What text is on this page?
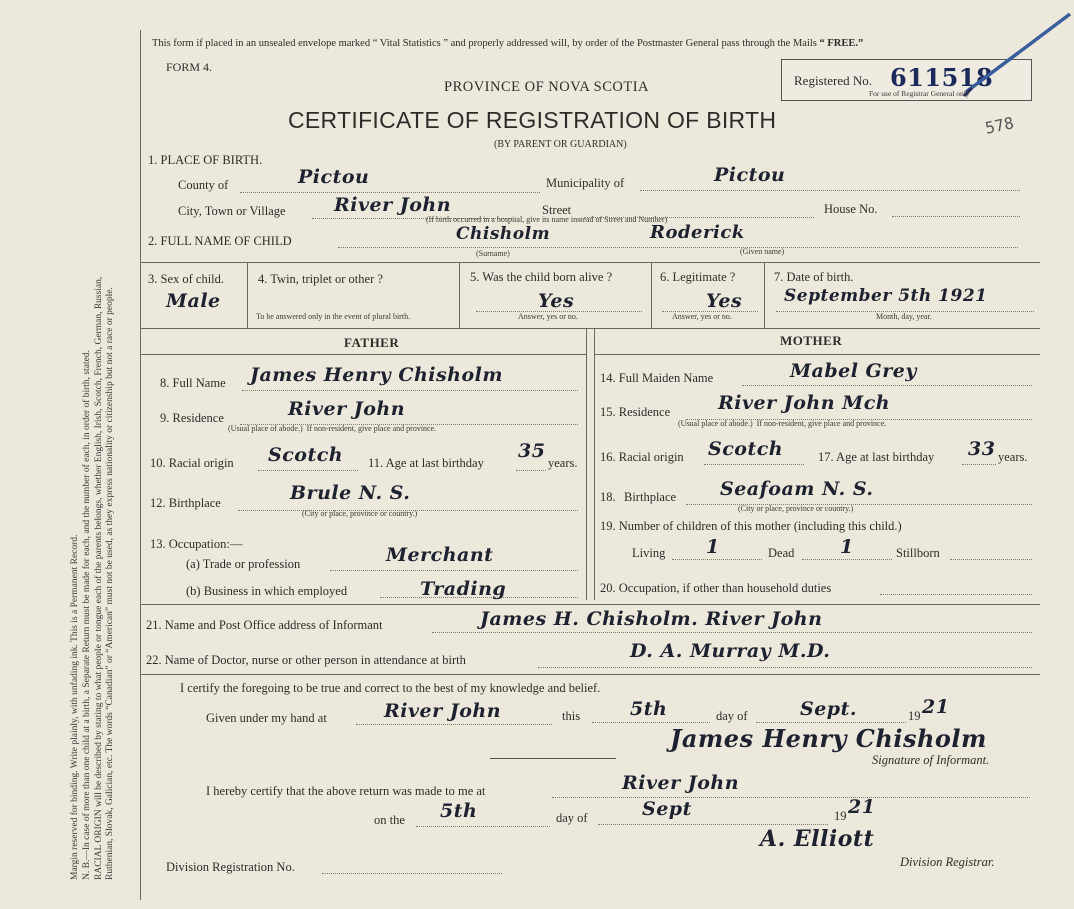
Margin reserved for binding. Write plainly, with unfading ink. This is a Permanent Record. N. B.—In case of more than one child at a birth, a Separate Return must be made for each, and the number of each, in order of birth, stated. RACIAL ORIGIN will be described by stating to what people or tongue each of the parents belongs, whether English, Irish, Scotch, French, German, Russian, Ruthenian, Slovak, Galician, etc. The words “Canadian” or “American” must not be used, as they express nationality or citizenship but not a race or people.
This form if placed in an unsealed envelope marked “ Vital Statistics ” and properly addressed will, by order of the Postmaster General pass through the Mails “ FREE.”
FORM 4.
PROVINCE OF NOVA SCOTIA
CERTIFICATE OF REGISTRATION OF BIRTH
(BY PARENT OR GUARDIAN)
578
Registered No. 611518
For use of Registrar General only
1. PLACE OF BIRTH.
County of	Pictou	Municipality of	Pictou
City, Town or Village	River John	Street
(If birth occurred in a hospital, give its name instead of Street and Number)
House No.
2. FULL NAME OF CHILD	Chisholm	Roderick
(Surname)	(Given name)
3. Sex of child.
Male
4. Twin, triplet or other ?
To be answered only in the event of plural birth.
5. Was the child born alive ?
Yes
Answer, yes or no.
6. Legitimate ?
Yes
Answer, yes or no.
7. Date of birth.
September 5th 1921
Month, day, year.
FATHER	MOTHER
8. Full Name James Henry Chisholm
9. Residence	River John
(Usual place of abode.) If non-resident, give place and province.
10. Racial origin Scotch 11. Age at last birthday
35
years.
12. Birthplace	Brule N. S.
(City or place, province or country.)
13. Occupation:—
(a) Trade or profession	Merchant
(b) Business in which employed	Trading
14. Full Maiden Name	Mabel Grey
15. Residence	River John Mch
(Usual place of abode.) If non-resident, give place and province.
16. Racial origin Scotch	17. Age at last birthday 33 years.
18. Birthplace Seafoam N. S.
(City or place, province or country.)
19. Number of children of this mother (including this child.)
Living 1	Dead 1	Stillborn
20. Occupation, if other than household duties
21. Name and Post Office address of Informant	James H. Chisholm. River John
22. Name of Doctor, nurse or other person in attendance at birth	D. A. Murray M.D.
I certify the foregoing to be true and correct to the best of my knowledge and belief.
Given under my hand at	River John	this	5th	day of	Sept.	19 21
James Henry Chisholm
Signature of Informant.
I hereby certify that the above return was made to me at	River John
on the 5th	day of	Sept	19 21
A. Elliott
Division Registration No.	Division Registrar.
